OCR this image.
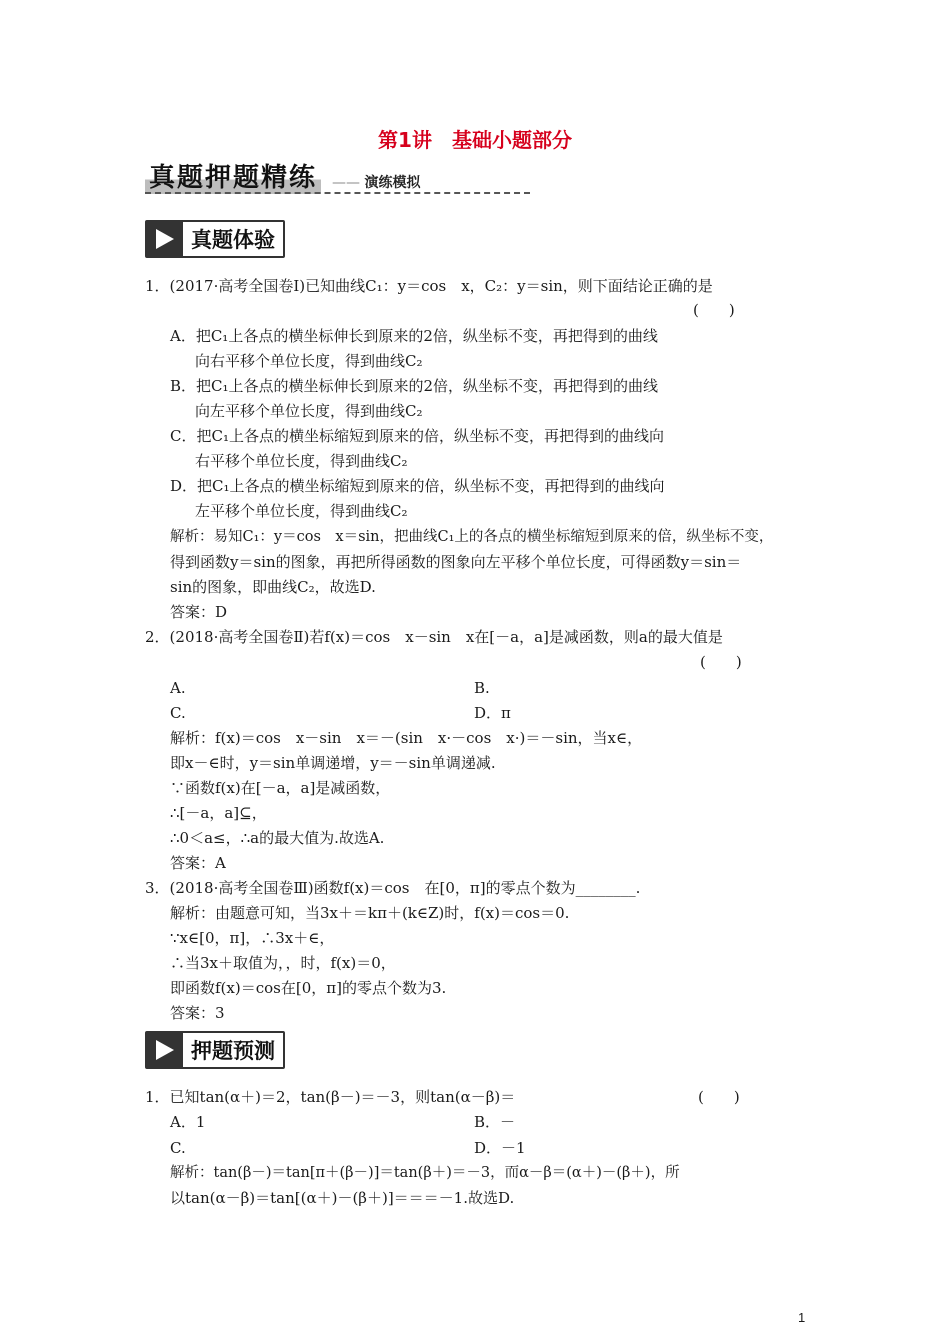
第1讲　基础小题部分
真题押题精练
——	演练模拟
真题体验
1．(2017·高考全国卷Ⅰ)已知曲线C₁：y＝cos　x，C₂：y＝sin，则下面结论正确的是
(　　)
A．把C₁上各点的横坐标伸长到原来的2倍，纵坐标不变，再把得到的曲线
向右平移个单位长度，得到曲线C₂
B．把C₁上各点的横坐标伸长到原来的2倍，纵坐标不变，再把得到的曲线
向左平移个单位长度，得到曲线C₂
C．把C₁上各点的横坐标缩短到原来的倍，纵坐标不变，再把得到的曲线向
右平移个单位长度，得到曲线C₂
D．把C₁上各点的横坐标缩短到原来的倍，纵坐标不变，再把得到的曲线向
左平移个单位长度，得到曲线C₂
解析：易知C₁：y＝cos　x＝sin，把曲线C₁上的各点的横坐标缩短到原来的倍，纵坐标不变，
得到函数y＝sin的图象，再把所得函数的图象向左平移个单位长度，可得函数y＝sin＝
sin的图象，即曲线C₂，故选D.
答案：D
2．(2018·高考全国卷Ⅱ)若f(x)＝cos　x－sin　x在[－a，a]是减函数，则a的最大值是
(　　)
A.	B.
C.	D．π
解析：f(x)＝cos　x－sin　x＝－(sin　x·－cos　x·)＝－sin，当x∈，
即x－∈时，y＝sin单调递增，y＝－sin单调递减.
∵函数f(x)在[－a，a]是减函数，
∴[－a，a]⊆，
∴0＜a≤，∴a的最大值为.故选A.
答案：A
3．(2018·高考全国卷Ⅲ)函数f(x)＝cos　在[0，π]的零点个数为________.
解析：由题意可知，当3x＋＝kπ＋(k∈Z)时，f(x)＝cos＝0.
∵x∈[0，π]，∴3x＋∈，
∴当3x＋取值为，，时，f(x)＝0，
即函数f(x)＝cos在[0，π]的零点个数为3.
答案：3
押题预测
1．已知tan(α＋)＝2，tan(β－)＝－3，则tan(α－β)＝	(　　)
A．1	B．－
C.	D．－1
解析：tan(β－)＝tan[π＋(β－)]＝tan(β＋)＝－3，而α－β＝(α＋)－(β＋)，所
以tan(α－β)＝tan[(α＋)－(β＋)]＝＝＝－1.故选D.
1
